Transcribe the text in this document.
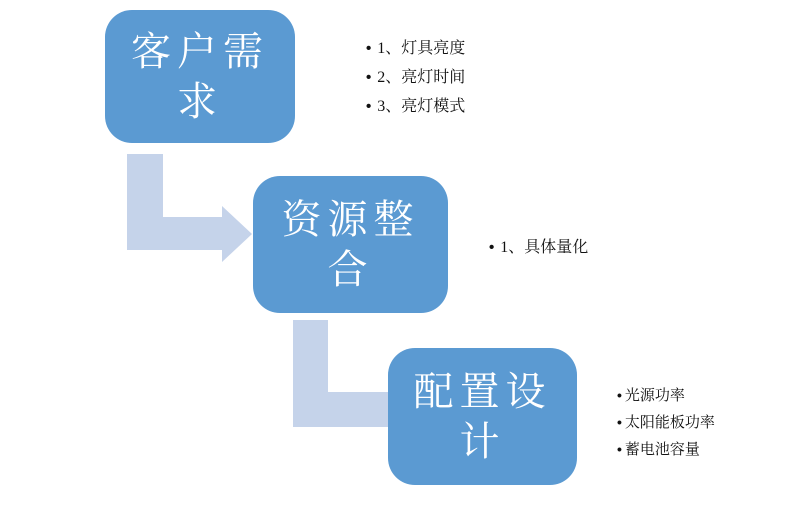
客户需求
资源整合
配置设计
• 1、灯具亮度
• 2、亮灯时间
• 3、亮灯模式
• 1、具体量化
• 光源功率
• 太阳能板功率
• 蓄电池容量
